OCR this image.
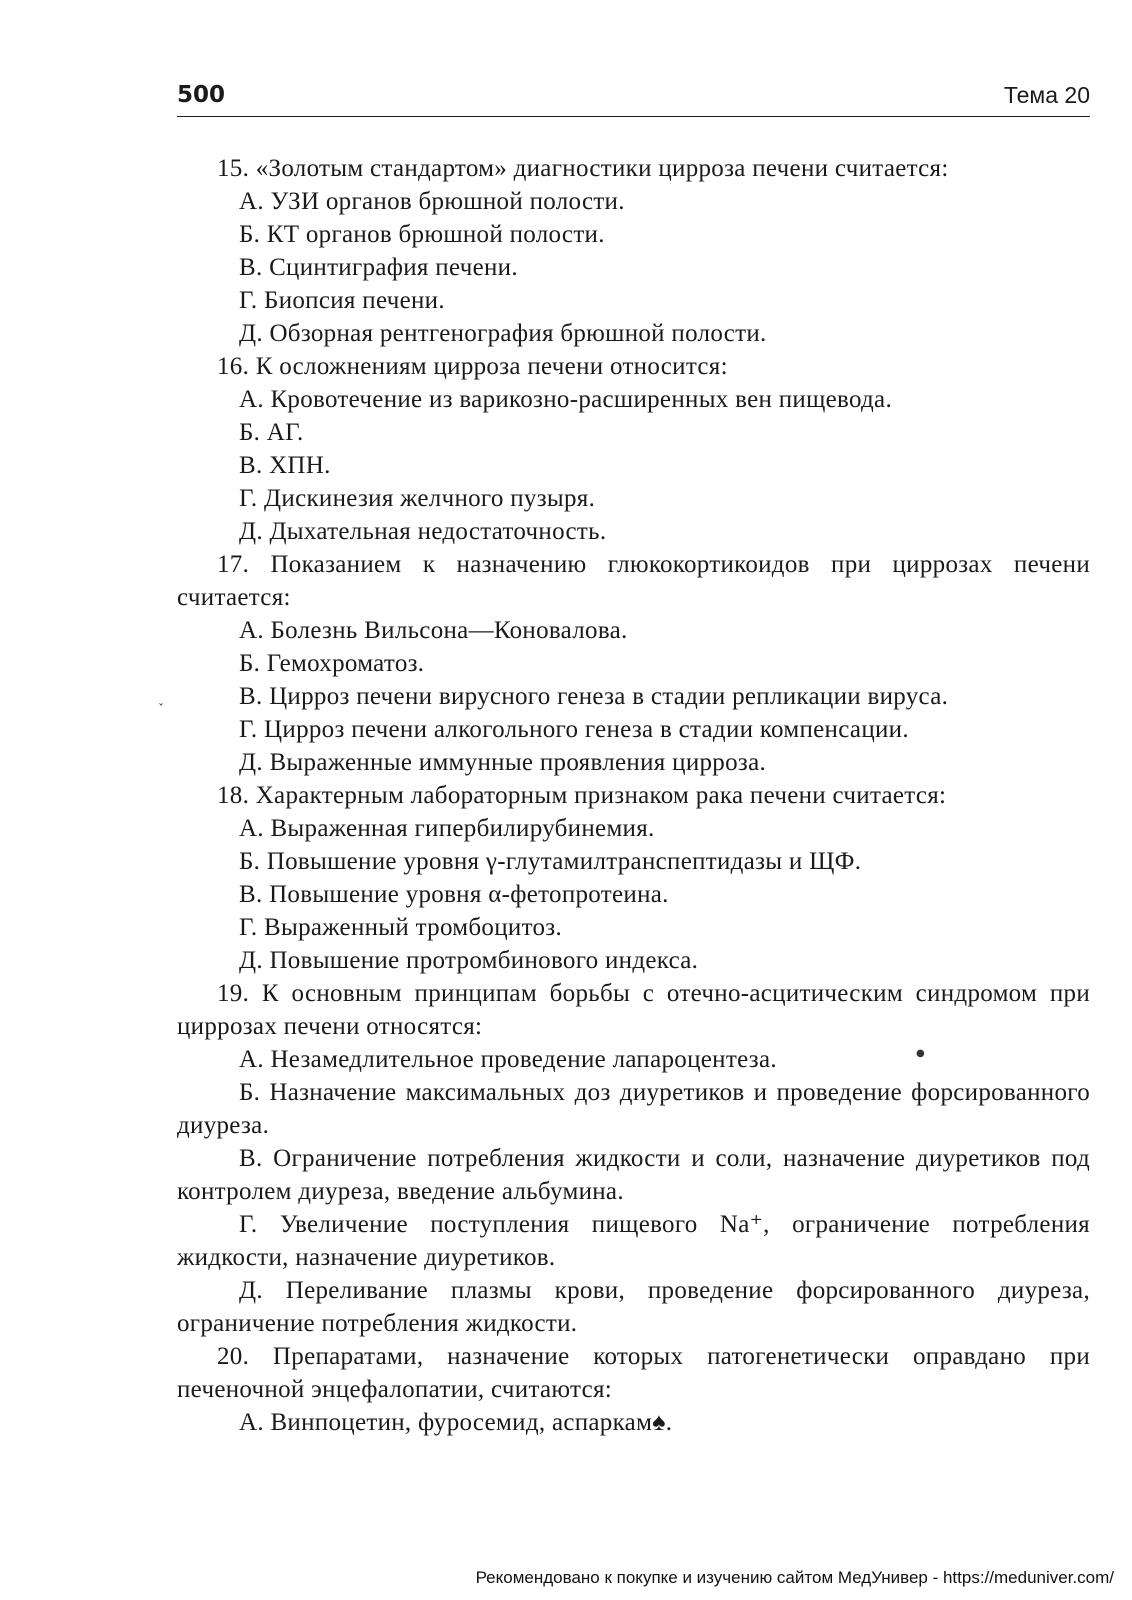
500	Тема 20

15. «Золотым стандартом» диагностики цирроза печени считается:

А. УЗИ органов брюшной полости.

Б. КТ органов брюшной полости.

В. Сцинтиграфия печени.

Г. Биопсия печени.

Д. Обзорная рентгенография брюшной полости.

16. К осложнениям цирроза печени относится:

А. Кровотечение из варикозно-расширенных вен пищевода.

Б. АГ.

В. ХПН.

Г. Дискинезия желчного пузыря.

Д. Дыхательная недостаточность.

17. Показанием к назначению глюкокортикоидов при циррозах печени считается:

А. Болезнь Вильсона—Коновалова.

Б. Гемохроматоз.

В. Цирроз печени вирусного генеза в стадии репликации вируса.

Г. Цирроз печени алкогольного генеза в стадии компенсации.

Д. Выраженные иммунные проявления цирроза.

18. Характерным лабораторным признаком рака печени считается:

А. Выраженная гипербилирубинемия.

Б. Повышение уровня γ-глутамилтранспептидазы и ЩФ.

В. Повышение уровня α-фетопротеина.

Г. Выраженный тромбоцитоз.

Д. Повышение протромбинового индекса.

19. К основным принципам борьбы с отечно-асцитическим синдромом при циррозах печени относятся:

А. Незамедлительное проведение лапароцентеза.

Б. Назначение максимальных доз диуретиков и проведение форсированного диуреза.

В. Ограничение потребления жидкости и соли, назначение диуретиков под контролем диуреза, введение альбумина.

Г. Увеличение поступления пищевого Na⁺, ограничение потребления жидкости, назначение диуретиков.

Д. Переливание плазмы крови, проведение форсированного диуреза, ограничение потребления жидкости.

20. Препаратами, назначение которых патогенетически оправдано при печеночной энцефалопатии, считаются:

А. Винпоцетин, фуросемид, аспаркам♠.

ˇ
●
Рекомендовано к покупке и изучению сайтом МедУнивер - https://meduniver.com/
